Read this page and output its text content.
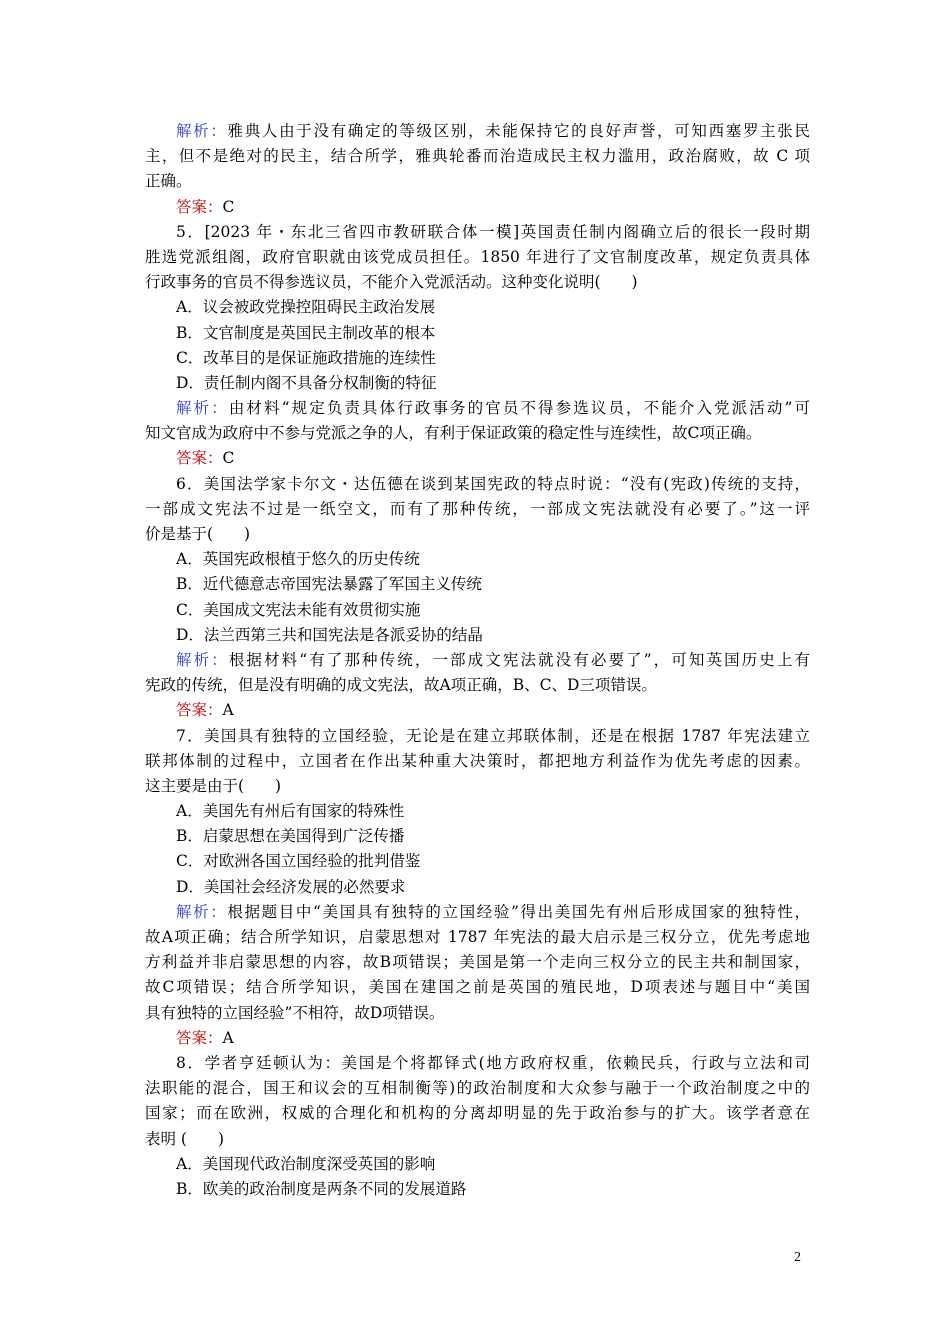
解析：雅典人由于没有确定的等级区别，未能保持它的良好声誉，可知西塞罗主张民
主，但不是绝对的民主，结合所学，雅典轮番而治造成民主权力滥用，政治腐败，故 C 项
正确。
答案：C
5．[2023 年・东北三省四市教研联合体一模]英国责任制内阁确立后的很长一段时期
胜选党派组阁，政府官职就由该党成员担任。1850 年进行了文官制度改革，规定负责具体
行政事务的官员不得参选议员，不能介入党派活动。这种变化说明(　　)
A．议会被政党操控阻碍民主政治发展
B．文官制度是英国民主制改革的根本
C．改革目的是保证施政措施的连续性
D．责任制内阁不具备分权制衡的特征
解析：由材料“规定负责具体行政事务的官员不得参选议员，不能介入党派活动”可
知文官成为政府中不参与党派之争的人，有利于保证政策的稳定性与连续性，故C项正确。
答案：C
6．美国法学家卡尔文・达伍德在谈到某国宪政的特点时说：“没有(宪政)传统的支持，
一部成文宪法不过是一纸空文，而有了那种传统，一部成文宪法就没有必要了。”这一评
价是基于(　　)
A．英国宪政根植于悠久的历史传统
B．近代德意志帝国宪法暴露了军国主义传统
C．美国成文宪法未能有效贯彻实施
D．法兰西第三共和国宪法是各派妥协的结晶
解析：根据材料“有了那种传统，一部成文宪法就没有必要了”，可知英国历史上有
宪政的传统，但是没有明确的成文宪法，故A项正确，B、C、D三项错误。
答案：A
7．美国具有独特的立国经验，无论是在建立邦联体制，还是在根据 1787 年宪法建立
联邦体制的过程中，立国者在作出某种重大决策时，都把地方利益作为优先考虑的因素。
这主要是由于(　　)
A．美国先有州后有国家的特殊性
B．启蒙思想在美国得到广泛传播
C．对欧洲各国立国经验的批判借鉴
D．美国社会经济发展的必然要求
解析：根据题目中“美国具有独特的立国经验”得出美国先有州后形成国家的独特性，
故A项正确；结合所学知识，启蒙思想对 1787 年宪法的最大启示是三权分立，优先考虑地
方利益并非启蒙思想的内容，故B项错误；美国是第一个走向三权分立的民主共和制国家，
故C项错误；结合所学知识，美国在建国之前是英国的殖民地，D项表述与题目中“美国
具有独特的立国经验”不相符，故D项错误。
答案：A
8．学者亨廷顿认为：美国是个将都铎式(地方政府权重，依赖民兵，行政与立法和司
法职能的混合，国王和议会的互相制衡等)的政治制度和大众参与融于一个政治制度之中的
国家；而在欧洲，权威的合理化和机构的分离却明显的先于政治参与的扩大。该学者意在
表明 (　　)
A．美国现代政治制度深受英国的影响
B．欧美的政治制度是两条不同的发展道路
2
